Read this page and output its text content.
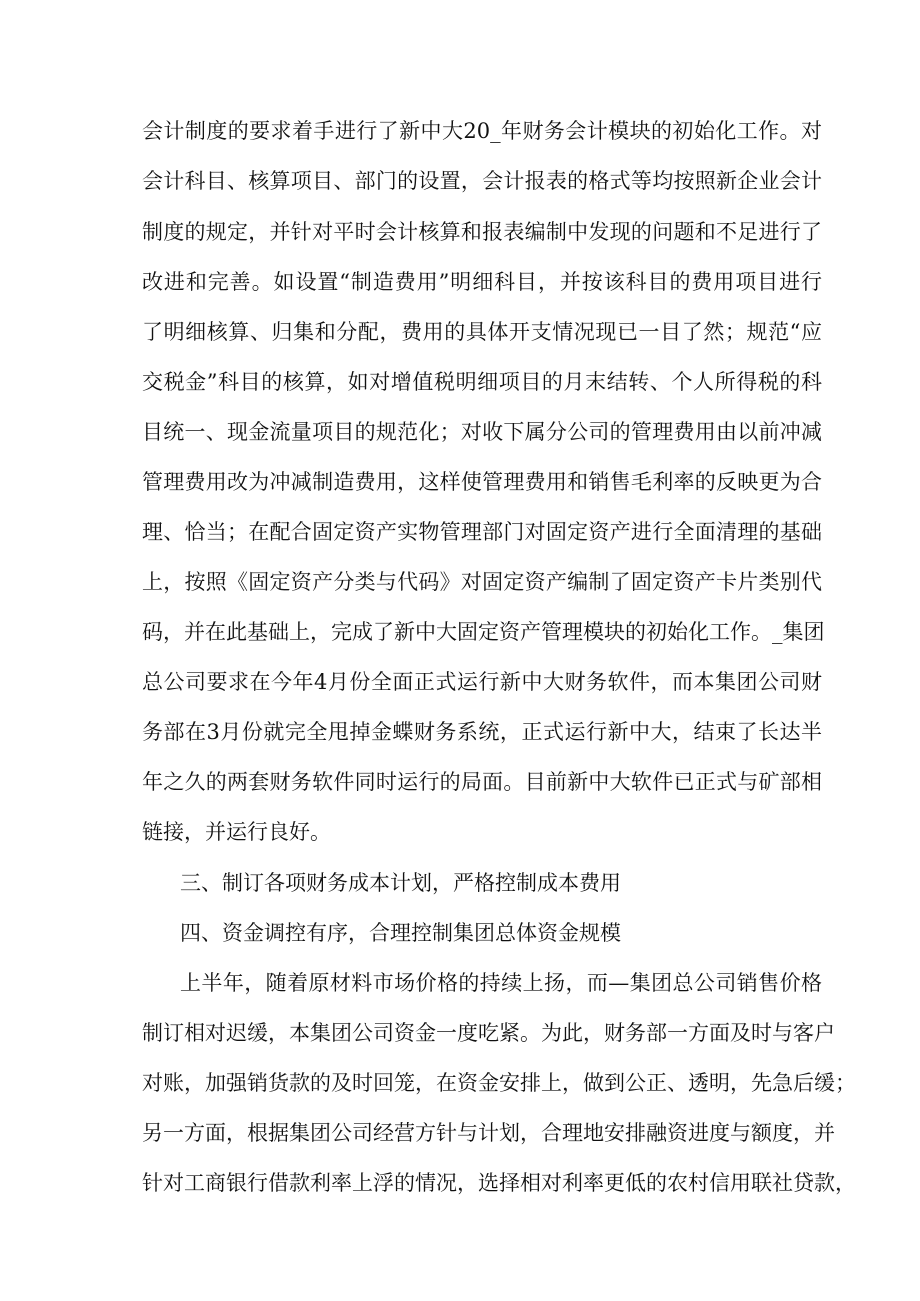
会计制度的要求着手进行了新中大20_年财务会计模块的初始化工作。对
会计科目、核算项目、部门的设置，会计报表的格式等均按照新企业会计
制度的规定，并针对平时会计核算和报表编制中发现的问题和不足进行了
改进和完善。如设置“制造费用”明细科目，并按该科目的费用项目进行
了明细核算、归集和分配，费用的具体开支情况现已一目了然；规范“应
交税金”科目的核算，如对增值税明细项目的月末结转、个人所得税的科
目统一、现金流量项目的规范化；对收下属分公司的管理费用由以前冲减
管理费用改为冲减制造费用，这样使管理费用和销售毛利率的反映更为合
理、恰当；在配合固定资产实物管理部门对固定资产进行全面清理的基础
上，按照《固定资产分类与代码》对固定资产编制了固定资产卡片类别代
码，并在此基础上，完成了新中大固定资产管理模块的初始化工作。_集团
总公司要求在今年4月份全面正式运行新中大财务软件，而本集团公司财
务部在3月份就完全甩掉金蝶财务系统，正式运行新中大，结束了长达半
年之久的两套财务软件同时运行的局面。目前新中大软件已正式与矿部相
链接，并运行良好。
三、制订各项财务成本计划，严格控制成本费用
四、资金调控有序，合理控制集团总体资金规模
上半年，随着原材料市场价格的持续上扬，而—集团总公司销售价格
制订相对迟缓，本集团公司资金一度吃紧。为此，财务部一方面及时与客户
对账，加强销货款的及时回笼，在资金安排上，做到公正、透明，先急后缓；
另一方面，根据集团公司经营方针与计划，合理地安排融资进度与额度，并
针对工商银行借款利率上浮的情况，选择相对利率更低的农村信用联社贷款，
